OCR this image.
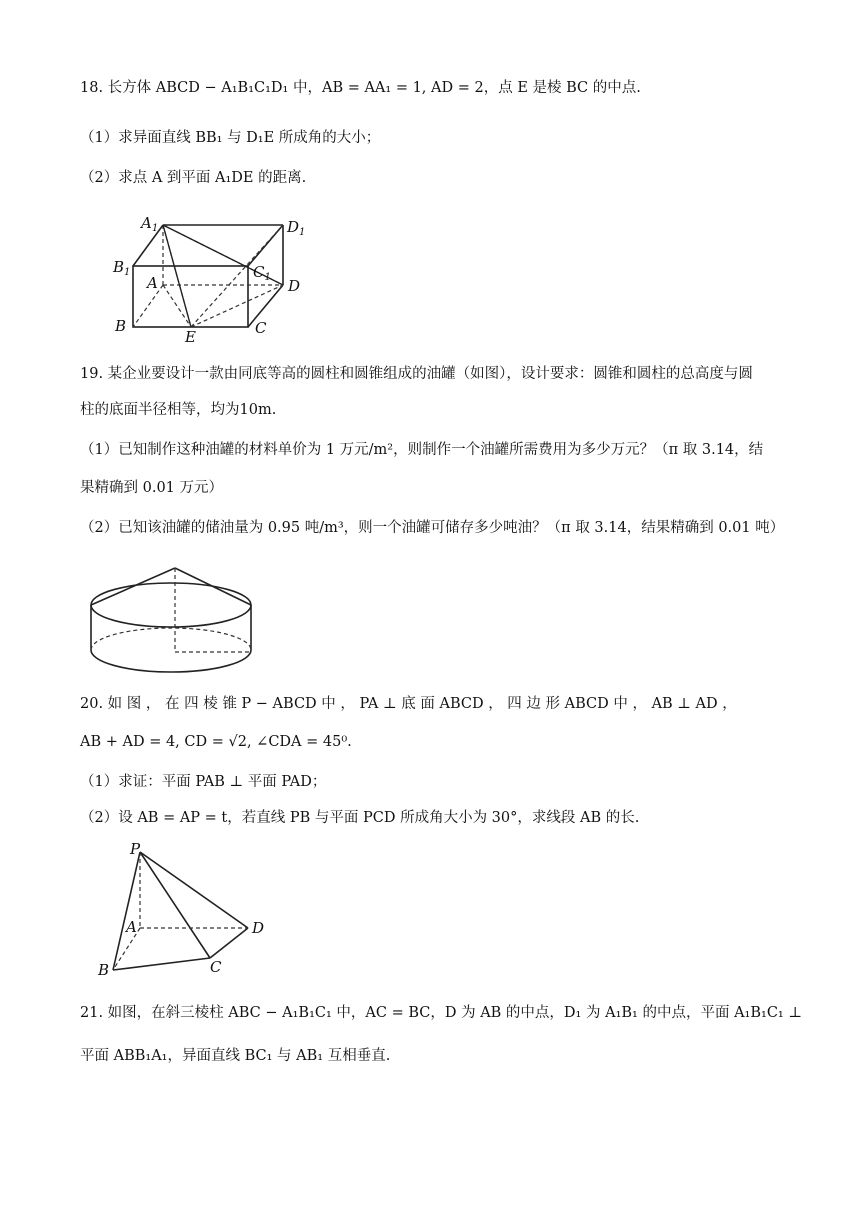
18. 长方体 ABCD − A₁B₁C₁D₁ 中，AB = AA₁ = 1, AD = 2，点 E 是棱 BC 的中点.
（1）求异面直线 BB₁ 与 D₁E 所成角的大小；
（2）求点 A 到平面 A₁DE 的距离.
$A_1$	$D_1$
$B_1$	$C_1$
A	D
B
E	C
19. 某企业要设计一款由同底等高的圆柱和圆锥组成的油罐（如图），设计要求：圆锥和圆柱的总高度与圆
柱的底面半径相等，均为10m.
（1）已知制作这种油罐的材料单价为 1 万元/m²，则制作一个油罐所需费用为多少万元？（π 取 3.14，结
果精确到 0.01 万元）
（2）已知该油罐的储油量为 0.95 吨/m³，则一个油罐可储存多少吨油？（π 取 3.14，结果精确到 0.01 吨）
20. 如 图 ， 在 四 棱 锥 P − ABCD 中 ， PA ⊥ 底 面 ABCD ， 四 边 形 ABCD 中 ， AB ⊥ AD ，
AB + AD = 4, CD = √2, ∠CDA = 45⁰.
（1）求证：平面 PAB ⊥ 平面 PAD；
（2）设 AB = AP = t，若直线 PB 与平面 PCD 所成角大小为 30°，求线段 AB 的长.
P
A	D
B	C
21. 如图，在斜三棱柱 ABC − A₁B₁C₁ 中，AC = BC，D 为 AB 的中点，D₁ 为 A₁B₁ 的中点，平面 A₁B₁C₁ ⊥
平面 ABB₁A₁，异面直线 BC₁ 与 AB₁ 互相垂直.
